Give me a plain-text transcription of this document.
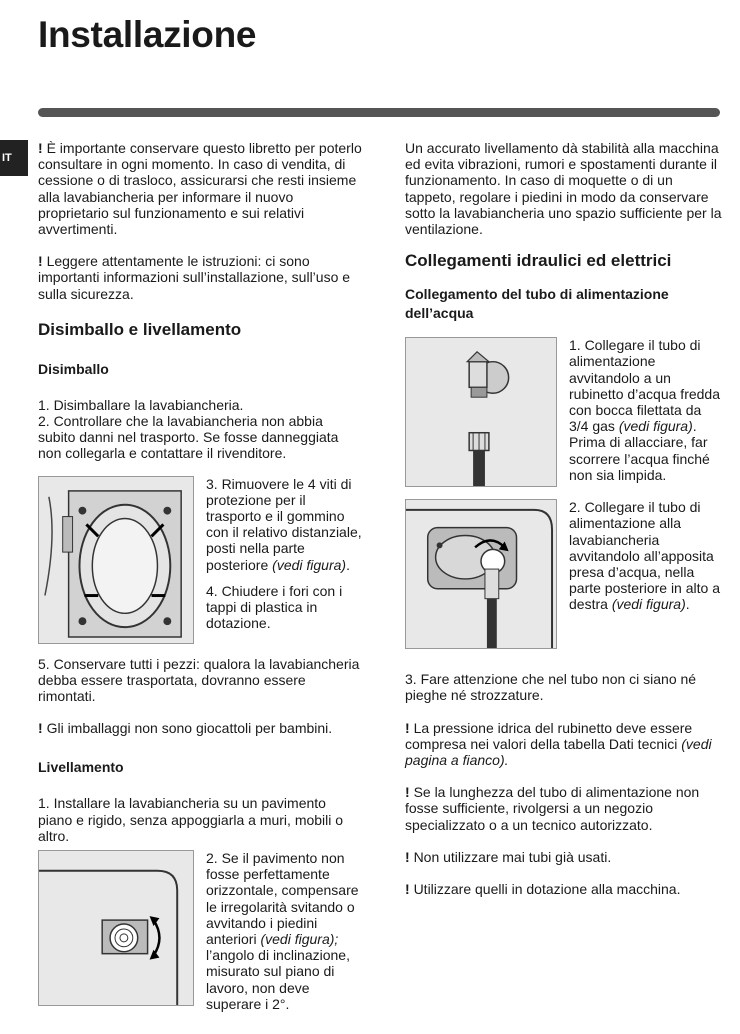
Installazione
IT

! È importante conservare questo libretto per poterlo consultare in ogni momento. In caso di vendita, di cessione o di trasloco, assicurarsi che resti insieme alla lavabiancheria per informare il nuovo proprietario sul funzionamento e sui relativi avvertimenti.

! Leggere attentamente le istruzioni: ci sono importanti informazioni sull’installazione, sull’uso e sulla sicurezza.

Disimballo e livellamento
Disimballo

1. Disimballare la lavabiancheria.
2. Controllare che la lavabiancheria non abbia subito danni nel trasporto. Se fosse danneggiata non collegarla e contattare il rivenditore.

3. Rimuovere le 4 viti di protezione per il trasporto e il gommino con il relativo distanziale, posti nella parte posteriore (vedi figura).

4. Chiudere i fori con i tappi di plastica in dotazione.

5. Conservare tutti i pezzi: qualora la lavabiancheria debba essere trasportata, dovranno essere
rimontati.

! Gli imballaggi non sono giocattoli per bambini.

Livellamento

1. Installare la lavabiancheria su un pavimento piano e rigido, senza appoggiarla a muri, mobili o altro.

2. Se il pavimento non fosse perfettamente orizzontale, compensare le irregolarità svitando o avvitando i piedini anteriori (vedi figura); l’angolo di inclinazione, misurato sul piano di lavoro, non deve superare i 2°.

Un accurato livellamento dà stabilità alla macchina ed evita vibrazioni, rumori e spostamenti durante il funzionamento. In caso di moquette o di un tappeto, regolare i piedini in modo da conservare sotto la lavabiancheria uno spazio sufficiente per la ventilazione.

Collegamenti idraulici ed elettrici
Collegamento del tubo di alimentazione dell’acqua

1. Collegare il tubo di alimentazione avvitandolo a un rubinetto d’acqua fredda con bocca filettata da 3/4 gas (vedi figura).
Prima di allacciare, far scorrere l’acqua finché non sia limpida.

2. Collegare il tubo di alimentazione alla lavabiancheria avvitandolo all’apposita presa d’acqua, nella parte posteriore in alto a destra (vedi figura).

3. Fare attenzione che nel tubo non ci siano né pieghe né strozzature.

! La pressione idrica del rubinetto deve essere compresa nei valori della tabella Dati tecnici (vedi pagina a fianco).

! Se la lunghezza del tubo di alimentazione non fosse sufficiente, rivolgersi a un negozio specializzato o a un tecnico autorizzato.

! Non utilizzare mai tubi già usati.

! Utilizzare quelli in dotazione alla macchina.
